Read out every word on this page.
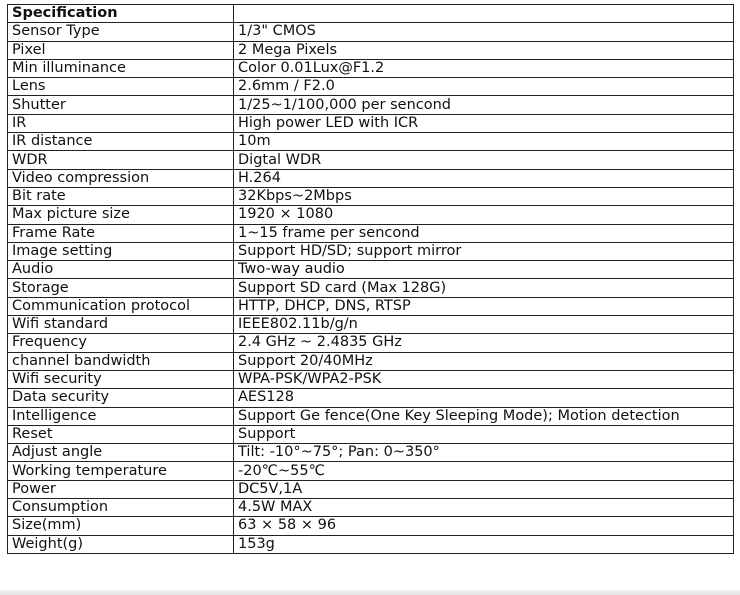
Specification	
Sensor Type	1/3" CMOS
Pixel	2 Mega Pixels
Min illuminance	Color 0.01Lux@F1.2
Lens	2.6mm / F2.0
Shutter	1/25~1/100,000 per sencond
IR	High power LED with ICR
IR distance	10m
WDR	Digtal WDR
Video compression	H.264
Bit rate	32Kbps~2Mbps
Max picture size	1920 × 1080
Frame Rate	1~15 frame per sencond
Image setting	Support HD/SD; support mirror
Audio	Two-way audio
Storage	Support SD card (Max 128G)
Communication protocol	HTTP, DHCP, DNS, RTSP
Wifi standard	IEEE802.11b/g/n
Frequency	2.4 GHz ~ 2.4835 GHz
channel bandwidth	Support 20/40MHz
Wifi security	WPA-PSK/WPA2-PSK
Data security	AES128
Intelligence	Support Ge fence(One Key Sleeping Mode); Motion detection
Reset	Support
Adjust angle	Tilt: -10°~75°; Pan: 0~350°
Working temperature	-20℃~55℃
Power	DC5V,1A
Consumption	4.5W MAX
Size(mm)	63 × 58 × 96
Weight(g)	153g
